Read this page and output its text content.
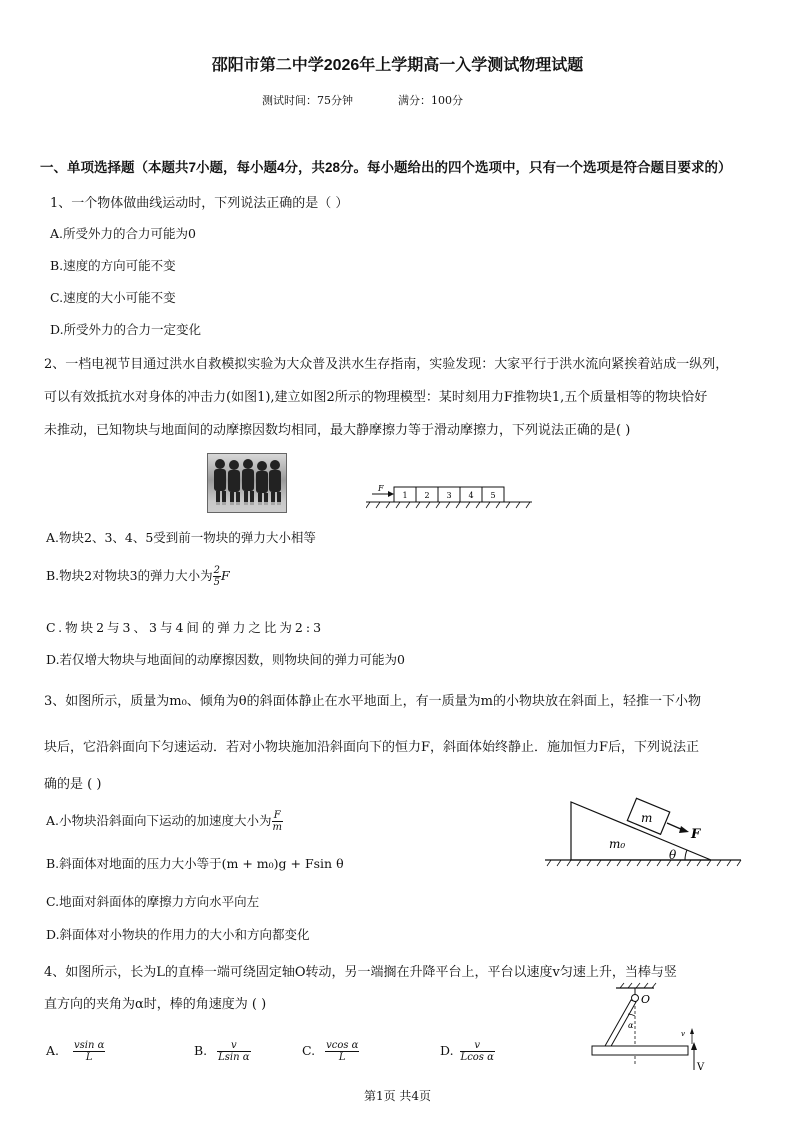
邵阳市第二中学2026年上学期高一入学测试物理试题
测试时间：75分钟	满分：100分
一、单项选择题（本题共7小题，每小题4分，共28分。每小题给出的四个选项中，只有一个选项是符合题目要求的）
1、一个物体做曲线运动时，下列说法正确的是（ ）
A.所受外力的合力可能为0
B.速度的方向可能不变
C.速度的大小可能不变
D.所受外力的合力一定变化
2、一档电视节目通过洪水自救模拟实验为大众普及洪水生存指南，实验发现：大家平行于洪水流向紧挨着站成一纵列，
可以有效抵抗水对身体的冲击力(如图1),建立如图2所示的物理模型：某时刻用力F推物块1,五个质量相等的物块恰好
未推动，已知物块与地面间的动摩擦因数均相同，最大静摩擦力等于滑动摩擦力，下列说法正确的是( )
F
1 2 3 4 5
A.物块2、3、4、5受到前一物块的弹力大小相等
B.物块2对物块3的弹力大小为 $\frac{2}{5}$ F
C.物块2与3、3与4间的弹力之比为2:3
D.若仅增大物块与地面间的动摩擦因数，则物块间的弹力可能为0
3、如图所示，质量为m₀、倾角为θ的斜面体静止在水平地面上，有一质量为m的小物块放在斜面上，轻推一下小物
块后，它沿斜面向下匀速运动．若对小物块施加沿斜面向下的恒力F，斜面体始终静止．施加恒力F后，下列说法正
确的是 ( )
A.小物块沿斜面向下运动的加速度大小为 $\frac{F}{m}$
B.斜面体对地面的压力大小等于(m + m₀)g + Fsin θ
C.地面对斜面体的摩擦力方向水平向左
D.斜面体对小物块的作用力的大小和方向都变化
m
F
m₀
θ
4、如图所示，长为L的直棒一端可绕固定轴O转动，另一端搁在升降平台上，平台以速度v匀速上升，当棒与竖
直方向的夹角为α时，棒的角速度为 ( )
A. $\frac{\text{vsin α}}{L}$	B. $\frac{v}{\text{Lsin α}}$	C. $\frac{\text{vcos α}}{L}$	D. $\frac{v}{\text{Lcos α}}$
O
α
v
V
第1页 共4页
